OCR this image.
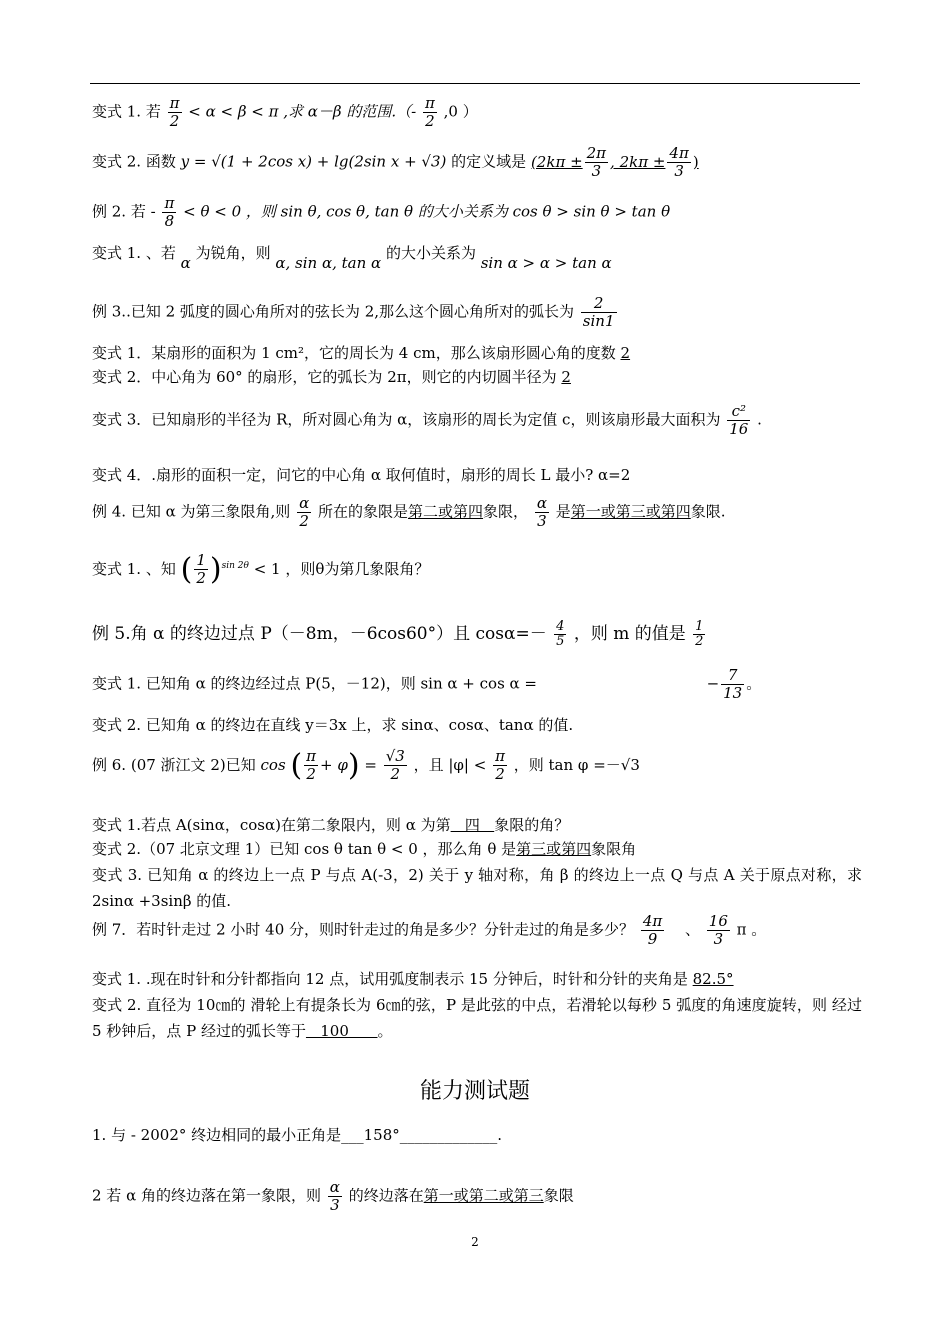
变式 1. 若 $\frac{\pi}{2} < \alpha < \beta < \pi$ ,求 α－β 的范围.（- $\frac{\pi}{2} ,0$ ）
变式 2. 函数 y = √(1 + 2cos x) + lg(2sin x + √3) 的定义域是 ($2k\pi \pm \frac{2\pi}{3}$ , $2k\pi \pm \frac{4\pi}{3}$ )
例 2. 若 - $\frac{\pi}{8} < \theta < 0$ ，则 sin θ, cos θ, tan θ 的大小关系为 cos θ > sin θ > tan θ
变式 1. 、若 α 为锐角，则 α, sin α, tan α 的大小关系为 sin α > α > tan α
例 3..已知 2 弧度的圆心角所对的弦长为 2,那么这个圆心角所对的弧长为 $\frac{2}{\sin 1}$
变式 1．某扇形的面积为 1 cm²，它的周长为 4 cm，那么该扇形圆心角的度数 2
变式 2．中心角为 60° 的扇形，它的弧长为 2π，则它的内切圆半径为 2
变式 3．已知扇形的半径为 R，所对圆心角为 α，该扇形的周长为定值 c，则该扇形最大面积为 $\frac{\text{c²}}{16}$ .
变式 4．.扇形的面积一定，问它的中心角 α 取何值时，扇形的周长 L 最小? α=2
例 4. 已知 α 为第三象限角,则 $\frac{\alpha}{2}$ 所在的象限是第二或第四象限， $\frac{\alpha}{3}$ 是第一或第三或第四象限.
变式 1. 、知 ( $\frac{1}{2} )^{sin 2\theta} < 1$ ，则θ为第几象限角？
例 5.角 α 的终边过点 P（－8m，－6cos60°）且 $\cos\alpha=- \frac{4}{5}$ ，则 m 的值是 $\frac{1}{2}$
变式 1. 已知角 α 的终边经过点 P(5，－12)，则 sin α + cos α =	− $\frac{7}{13}$ 。
变式 2. 已知角 α 的终边在直线 y＝3x 上，求 sinα、cosα、tanα 的值.
例 6. (07 浙江文 2)已知 cos ( $\frac{\pi}{2} + \varphi) = \frac{√3}{2}$ ，且 $|\varphi| < \frac{\pi}{2}$ ，则 tan φ =－√3
变式 1.若点 A(sinα，cosα)在第二象限内，则 α 为第   四   象限的角？
变式 2.（07 北京文理 1）已知 cos θ tan θ < 0 ，那么角 θ 是第三或第四象限角
变式 3. 已知角 α 的终边上一点 P 与点 A(-3，2) 关于 y 轴对称，角 β 的终边上一点 Q 与点 A 关于原点对称，求 2sinα +3sinβ 的值.
例 7．若时针走过 2 小时 40 分，则时针走过的角是多少？分针走过的角是多少？ $\frac{4\pi}{9}$ 、 $\frac{16}{3}$ π 。
变式 1. .现在时针和分针都指向 12 点，试用弧度制表示 15 分钟后，时针和分针的夹角是 82.5°
变式 2. 直径为 10㎝的 滑轮上有提条长为 6㎝的弦，P 是此弦的中点，若滑轮以每秒 5 弧度的角速度旋转，则 经过 5 秒钟后，点 P 经过的弧长等于   100      。
能力测试题
1. 与 - 2002° 终边相同的最小正角是___158°_____________.
2 若 α 角的终边落在第一象限，则 $\frac{\alpha}{3}$ 的终边落在第一或第二或第三象限
2
